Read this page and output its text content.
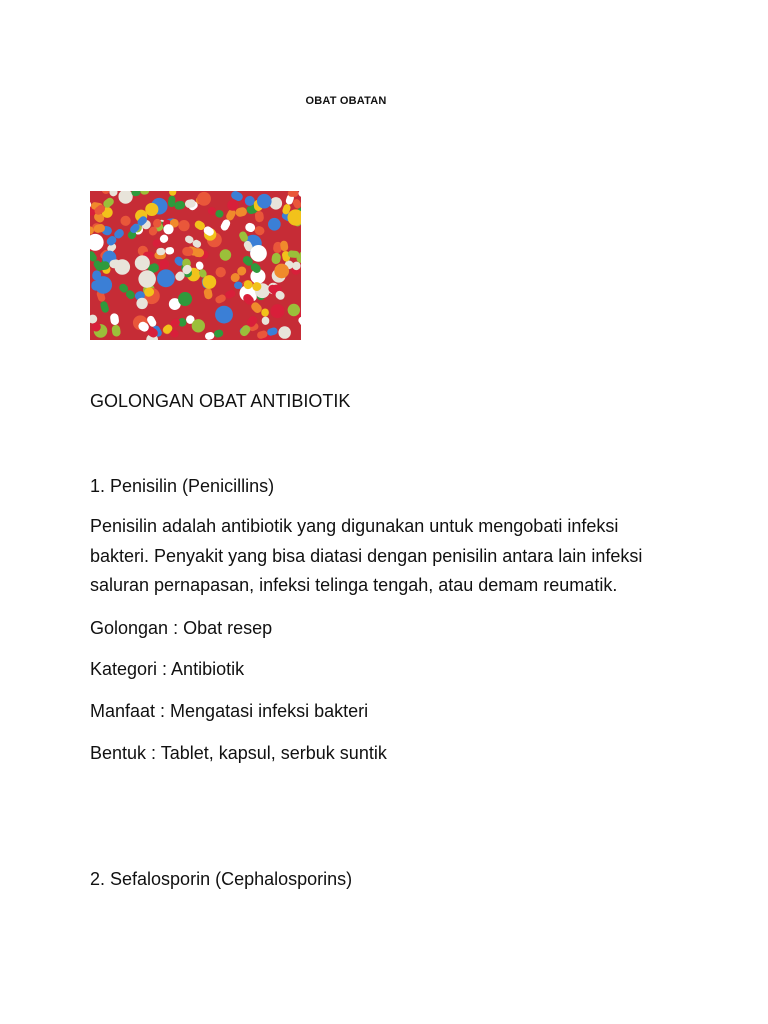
OBAT OBATAN
GOLONGAN OBAT ANTIBIOTIK
1. Penisilin (Penicillins)
Penisilin adalah antibiotik yang digunakan untuk mengobati infeksi
bakteri. Penyakit yang bisa diatasi dengan penisilin antara lain infeksi
saluran pernapasan, infeksi telinga tengah, atau demam reumatik.
Golongan : Obat resep
Kategori : Antibiotik
Manfaat : Mengatasi infeksi bakteri
Bentuk : Tablet, kapsul, serbuk suntik
2. Sefalosporin (Cephalosporins)
